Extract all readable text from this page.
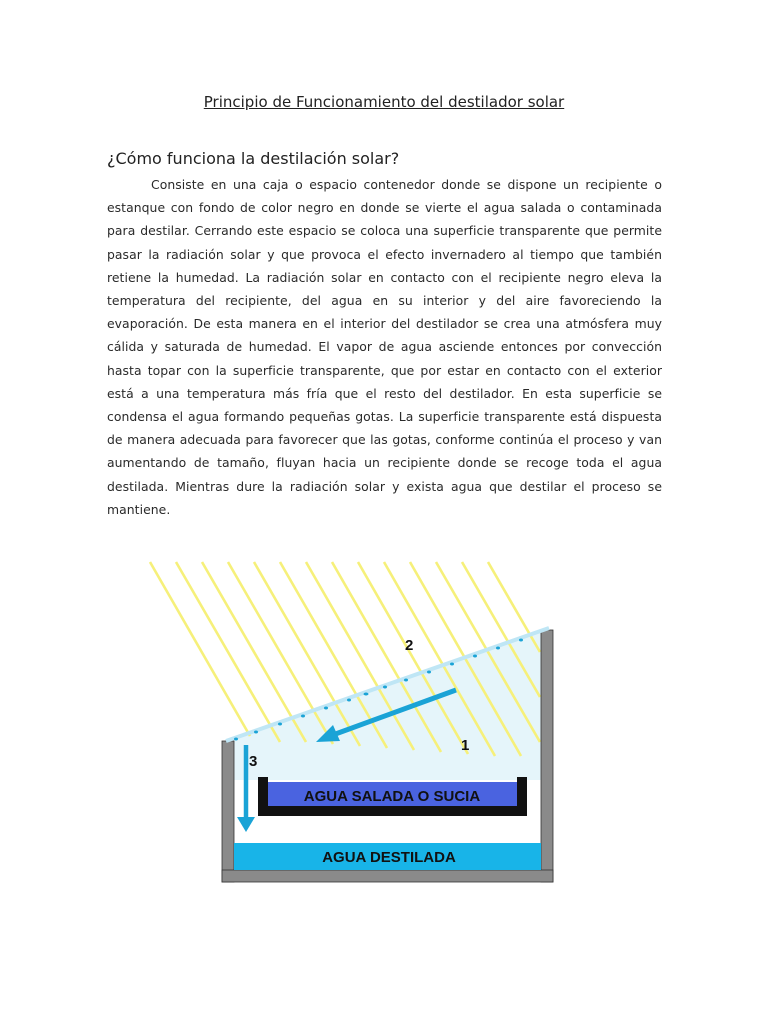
Principio de Funcionamiento del destilador solar
¿Cómo funciona la destilación solar?
Consiste en una caja o espacio contenedor donde se dispone un recipiente o estanque con fondo de color negro en donde se vierte el agua salada o contaminada para destilar. Cerrando este espacio se coloca una superficie transparente que permite pasar la radiación solar y que provoca el efecto invernadero al tiempo que también retiene la humedad. La radiación solar en contacto con el recipiente negro eleva la temperatura del recipiente, del agua en su interior y del aire favoreciendo la evaporación. De esta manera en el interior del destilador se crea una atmósfera muy cálida y saturada de humedad. El vapor de agua asciende entonces por convección hasta topar con la superficie transparente, que por estar en contacto con el exterior está a una temperatura más fría que el resto del destilador. En esta superficie se condensa el agua formando pequeñas gotas. La superficie transparente está dispuesta de manera adecuada para favorecer que las gotas, conforme continúa el proceso y van aumentando de tamaño, fluyan hacia un recipiente donde se recoge toda el agua destilada. Mientras dure la radiación solar y exista agua que destilar el proceso se mantiene.
AGUA DESTILADA
AGUA SALADA O SUCIA
2
1
3
